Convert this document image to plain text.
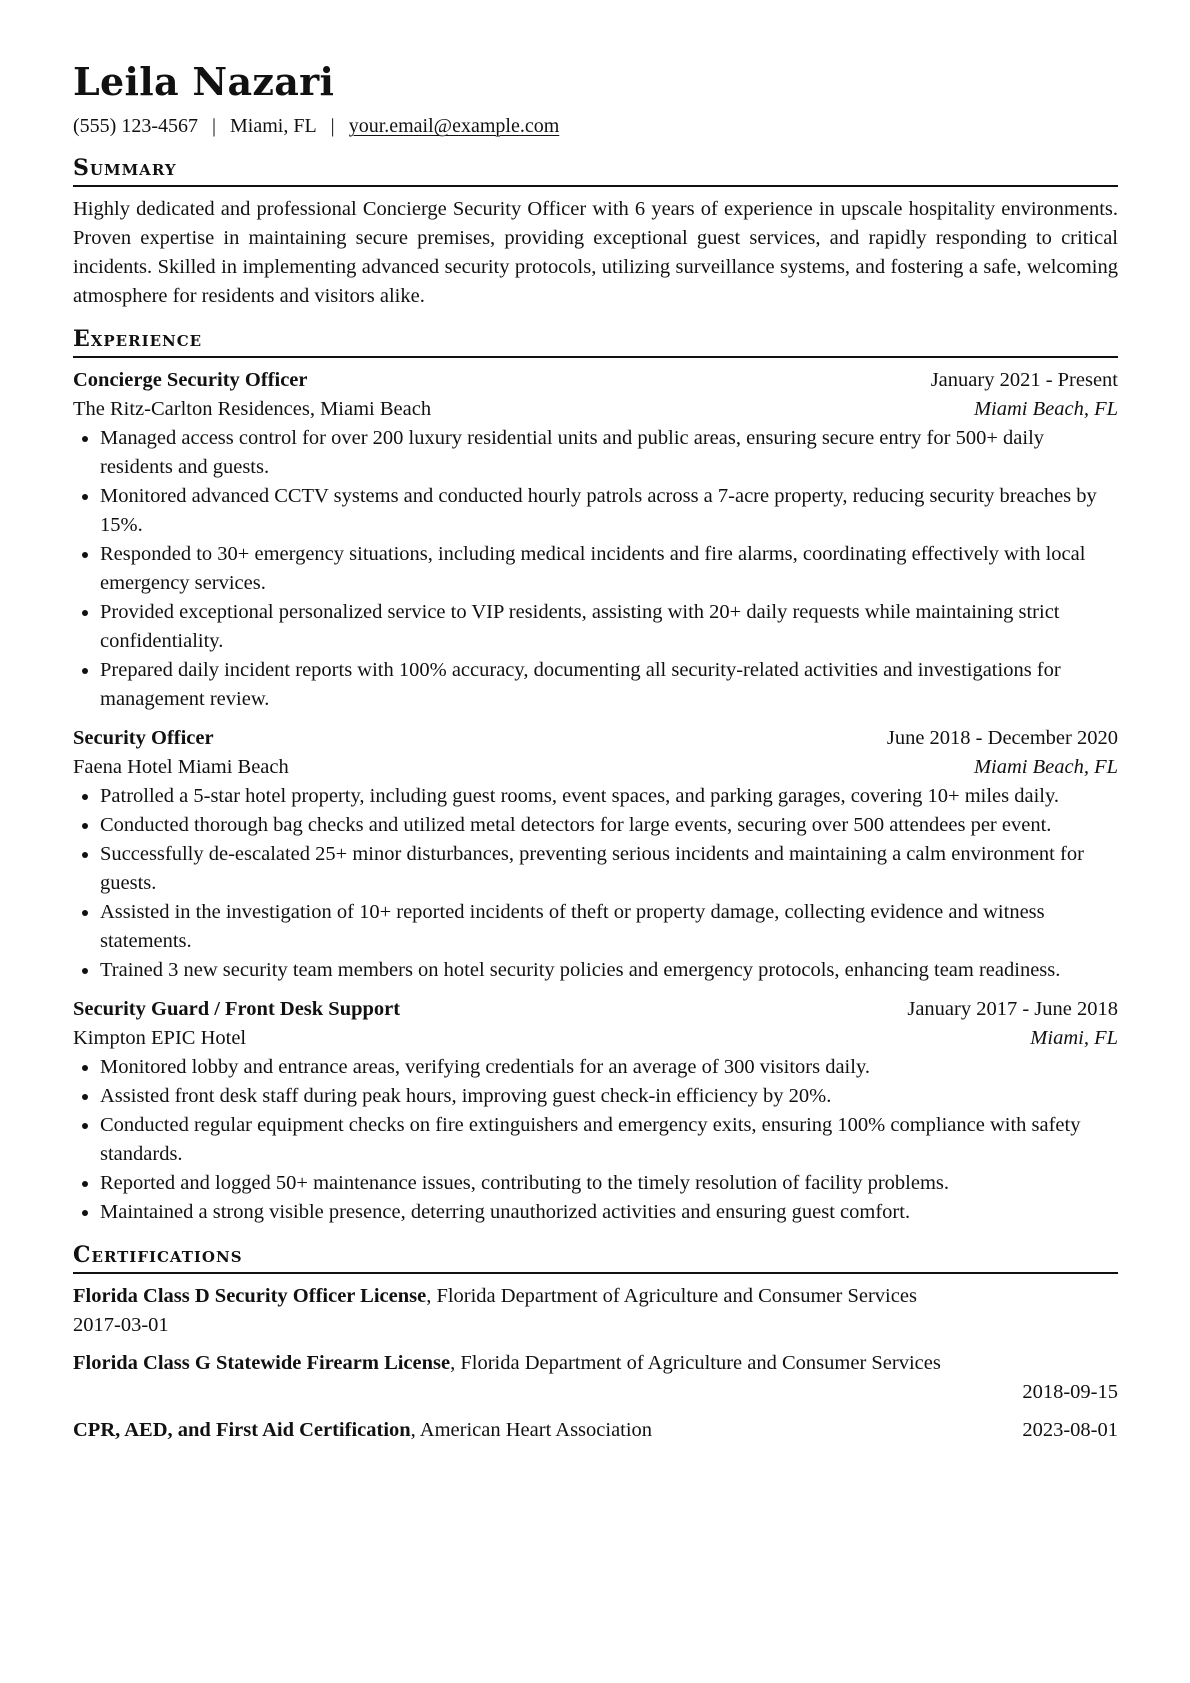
Leila Nazari
(555) 123-4567 | Miami, FL | your.email@example.com
Summary

Highly dedicated and professional Concierge Security Officer with 6 years of experience in upscale hospitality environments. Proven expertise in maintaining secure premises, providing exceptional guest services, and rapidly responding to critical incidents. Skilled in implementing advanced security protocols, utilizing surveillance systems, and fostering a safe, welcoming atmosphere for residents and visitors alike.

Experience
Concierge Security Officer	January 2021 - Present
The Ritz-Carlton Residences, Miami Beach	Miami Beach, FL
Managed access control for over 200 luxury residential units and public areas, ensuring secure entry for 500+ daily residents and guests.
Monitored advanced CCTV systems and conducted hourly patrols across a 7-acre property, reducing security breaches by 15%.
Responded to 30+ emergency situations, including medical incidents and fire alarms, coordinating effectively with local emergency services.
Provided exceptional personalized service to VIP residents, assisting with 20+ daily requests while maintaining strict confidentiality.
Prepared daily incident reports with 100% accuracy, documenting all security-related activities and investigations for management review.
Security Officer	June 2018 - December 2020
Faena Hotel Miami Beach	Miami Beach, FL
Patrolled a 5-star hotel property, including guest rooms, event spaces, and parking garages, covering 10+ miles daily.
Conducted thorough bag checks and utilized metal detectors for large events, securing over 500 attendees per event.
Successfully de-escalated 25+ minor disturbances, preventing serious incidents and maintaining a calm environment for guests.
Assisted in the investigation of 10+ reported incidents of theft or property damage, collecting evidence and witness statements.
Trained 3 new security team members on hotel security policies and emergency protocols, enhancing team readiness.
Security Guard / Front Desk Support	January 2017 - June 2018
Kimpton EPIC Hotel	Miami, FL
Monitored lobby and entrance areas, verifying credentials for an average of 300 visitors daily.
Assisted front desk staff during peak hours, improving guest check-in efficiency by 20%.
Conducted regular equipment checks on fire extinguishers and emergency exits, ensuring 100% compliance with safety standards.
Reported and logged 50+ maintenance issues, contributing to the timely resolution of facility problems.
Maintained a strong visible presence, deterring unauthorized activities and ensuring guest comfort.
Certifications
Florida Class D Security Officer License, Florida Department of Agriculture and Consumer Services
2017-03-01
Florida Class G Statewide Firearm License, Florida Department of Agriculture and Consumer Services
2018-09-15
CPR, AED, and First Aid Certification, American Heart Association	2023-08-01
